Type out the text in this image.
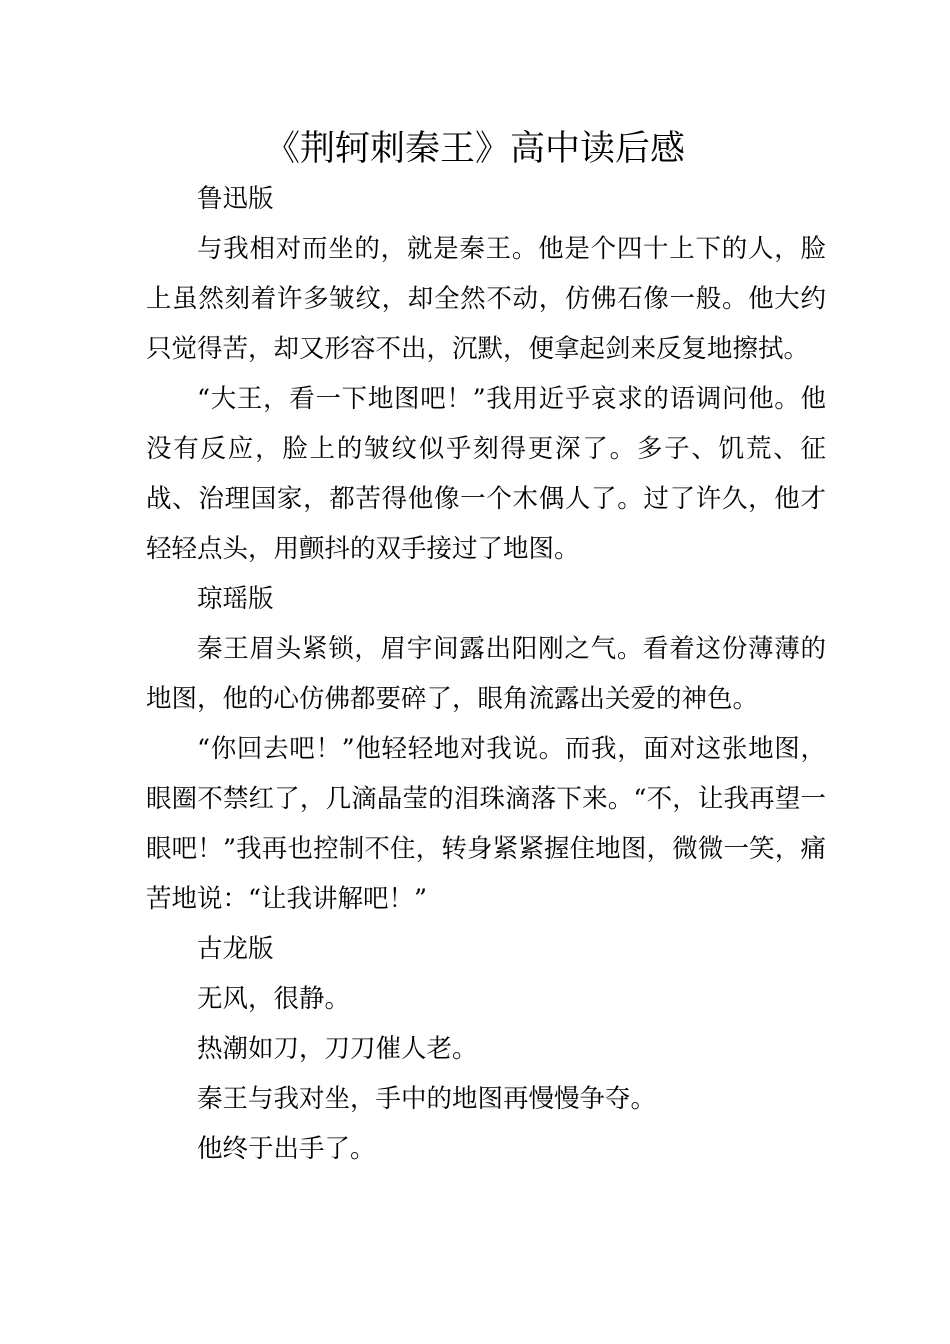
《荆轲刺秦王》高中读后感

鲁迅版

与我相对而坐的，就是秦王。他是个四十上下的人，脸上虽然刻着许多皱纹，却全然不动，仿佛石像一般。他大约只觉得苦，却又形容不出，沉默，便拿起剑来反复地擦拭。

“大王，看一下地图吧！”我用近乎哀求的语调问他。他没有反应，脸上的皱纹似乎刻得更深了。多子、饥荒、征战、治理国家，都苦得他像一个木偶人了。过了许久，他才轻轻点头，用颤抖的双手接过了地图。

琼瑶版

秦王眉头紧锁，眉宇间露出阳刚之气。看着这份薄薄的地图，他的心仿佛都要碎了，眼角流露出关爱的神色。

“你回去吧！”他轻轻地对我说。而我，面对这张地图，眼圈不禁红了，几滴晶莹的泪珠滴落下来。“不，让我再望一眼吧！”我再也控制不住，转身紧紧握住地图，微微一笑，痛苦地说：“让我讲解吧！”

古龙版

无风，很静。

热潮如刀，刀刀催人老。

秦王与我对坐，手中的地图再慢慢争夺。

他终于出手了。
